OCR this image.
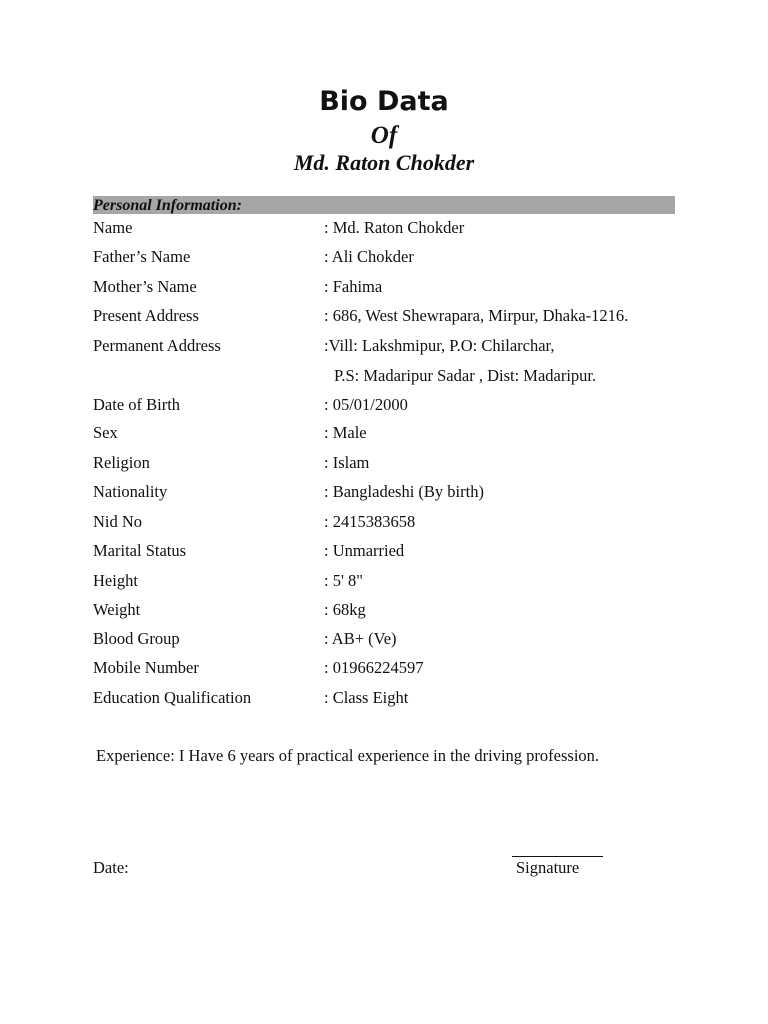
Bio Data
Of
Md. Raton Chokder
Personal Information:
Name	: Md. Raton Chokder
Father’s Name	: Ali Chokder
Mother’s Name	: Fahima
Present Address	: 686, West Shewrapara, Mirpur, Dhaka-1216.
Permanent Address	:Vill: Lakshmipur, P.O: Chilarchar,
P.S: Madaripur Sadar , Dist: Madaripur.
Date of Birth	: 05/01/2000
Sex	: Male
Religion	: Islam
Nationality	: Bangladeshi (By birth)
Nid No	: 2415383658
Marital Status	: Unmarried
Height	: 5' 8"
Weight	: 68kg
Blood Group	: AB+ (Ve)
Mobile Number	: 01966224597
Education Qualification	: Class Eight
Experience: I Have 6 years of practical experience in the driving profession.
Date:	Signature
